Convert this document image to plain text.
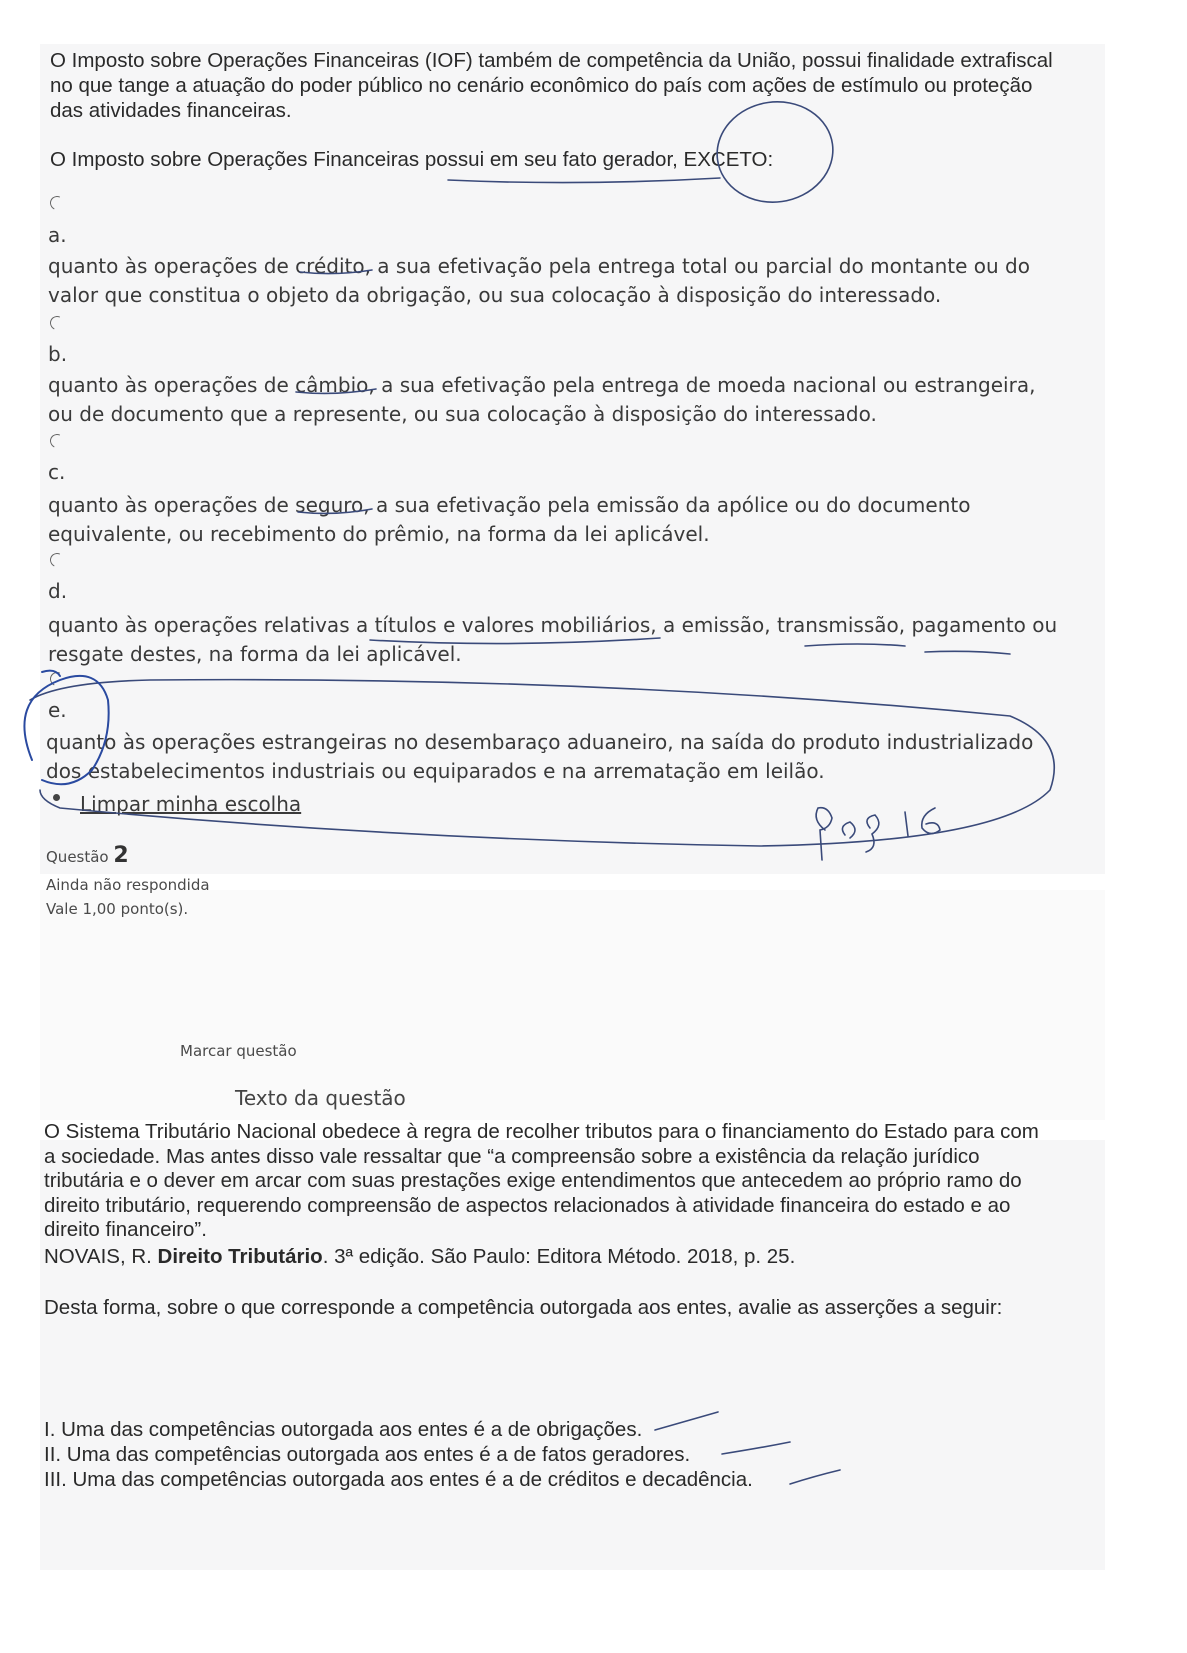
O Imposto sobre Operações Financeiras (IOF) também de competência da União, possui finalidade extrafiscal no que tange a atuação do poder público no cenário econômico do país com ações de estímulo ou proteção das atividades financeiras.
O Imposto sobre Operações Financeiras possui em seu fato gerador, EXCETO:
a.
quanto às operações de crédito, a sua efetivação pela entrega total ou parcial do montante ou do valor que constitua o objeto da obrigação, ou sua colocação à disposição do interessado.
b.
quanto às operações de câmbio, a sua efetivação pela entrega de moeda nacional ou estrangeira, ou de documento que a represente, ou sua colocação à disposição do interessado.
c.
quanto às operações de seguro, a sua efetivação pela emissão da apólice ou do documento equivalente, ou recebimento do prêmio, na forma da lei aplicável.
d.
quanto às operações relativas a títulos e valores mobiliários, a emissão, transmissão, pagamento ou resgate destes, na forma da lei aplicável.
e.
quanto às operações estrangeiras no desembaraço aduaneiro, na saída do produto industrializado dos estabelecimentos industriais ou equiparados e na arrematação em leilão.
Limpar minha escolha
Questão 2
Ainda não respondida
Vale 1,00 ponto(s).
Marcar questão
Texto da questão
O Sistema Tributário Nacional obedece à regra de recolher tributos para o financiamento do Estado para com a sociedade. Mas antes disso vale ressaltar que “a compreensão sobre a existência da relação jurídico tributária e o dever em arcar com suas prestações exige entendimentos que antecedem ao próprio ramo do direito tributário, requerendo compreensão de aspectos relacionados à atividade financeira do estado e ao direito financeiro”.
NOVAIS, R. Direito Tributário. 3ª edição. São Paulo: Editora Método. 2018, p. 25.
Desta forma, sobre o que corresponde a competência outorgada aos entes, avalie as asserções a seguir:
I. Uma das competências outorgada aos entes é a de obrigações.
II. Uma das competências outorgada aos entes é a de fatos geradores.
III. Uma das competências outorgada aos entes é a de créditos e decadência.
